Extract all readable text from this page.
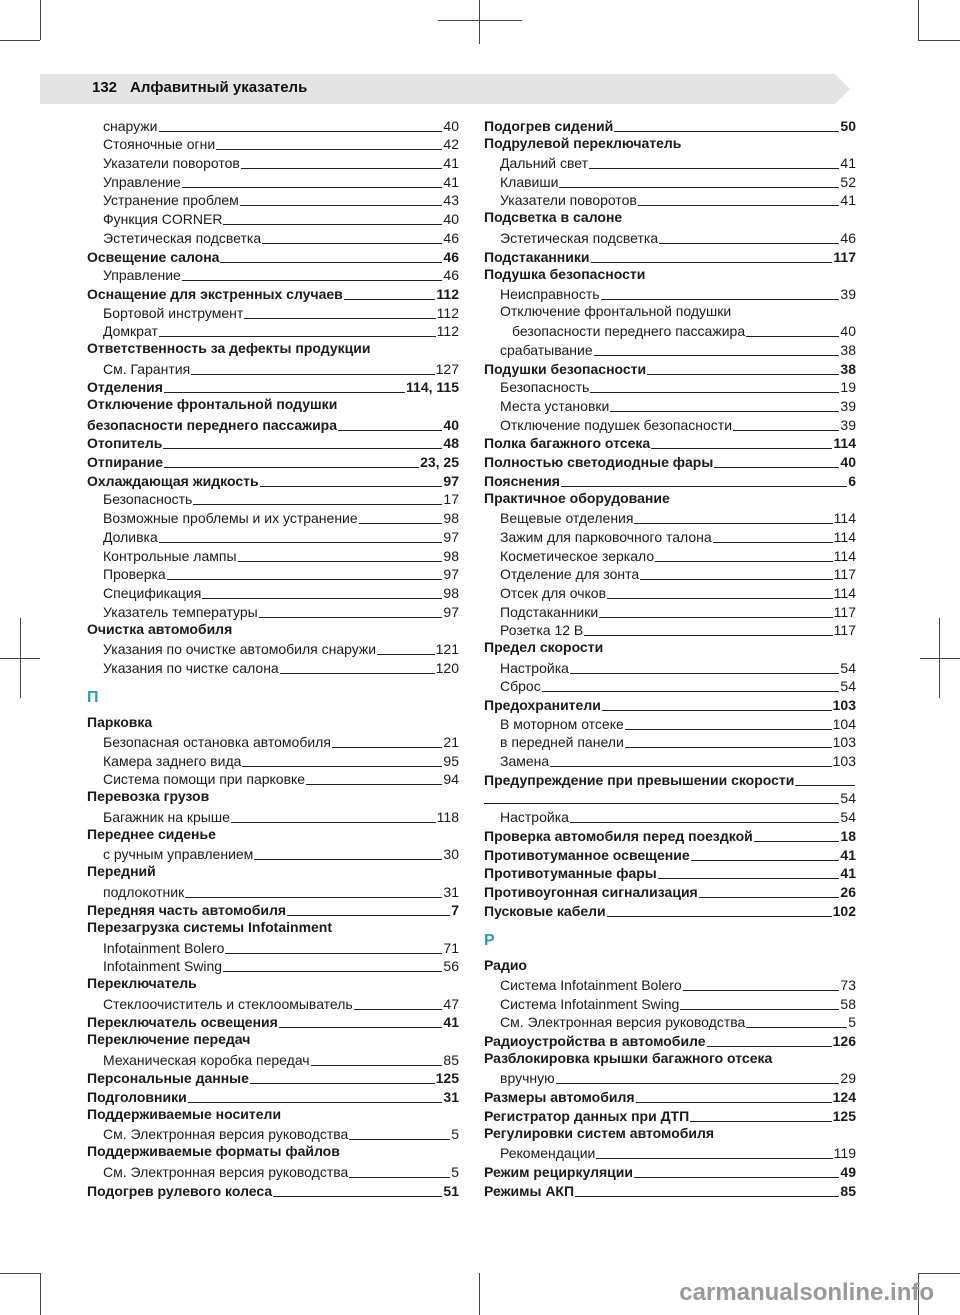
132 Алфавитный указатель
снаружи	40
Стояночные огни	42
Указатели поворотов	41
Управление	41
Устранение проблем	43
Функция CORNER	40
Эстетическая подсветка	46
Освещение салона	46
Управление	46
Оснащение для экстренных случаев	112
Бортовой инструмент	112
Домкрат	112
Ответственность за дефекты продукции
См. Гарантия	127
Отделения	114, 115
Отключение фронтальной подушки
безопасности переднего пассажира	40
Отопитель	48
Отпирание	23, 25
Охлаждающая жидкость	97
Безопасность	17
Возможные проблемы и их устранение	98
Доливка	97
Контрольные лампы	98
Проверка	97
Спецификация	98
Указатель температуры	97
Очистка автомобиля
Указания по очистке автомобиля снаружи	121
Указания по чистке салона	120
П
Парковка
Безопасная остановка автомобиля	21
Камера заднего вида	95
Система помощи при парковке	94
Перевозка грузов
Багажник на крыше	118
Переднее сиденье
с ручным управлением	30
Передний
подлокотник	31
Передняя часть автомобиля	7
Перезагрузка системы Infotainment
Infotainment Bolero	71
Infotainment Swing	56
Переключатель
Стеклоочиститель и стеклоомыватель	47
Переключатель освещения	41
Переключение передач
Механическая коробка передач	85
Персональные данные	125
Подголовники	31
Поддерживаемые носители
См. Электронная версия руководства	5
Поддерживаемые форматы файлов
См. Электронная версия руководства	5
Подогрев рулевого колеса	51
Подогрев сидений	50
Подрулевой переключатель
Дальний свет	41
Клавиши	52
Указатели поворотов	41
Подсветка в салоне
Эстетическая подсветка	46
Подстаканники	117
Подушка безопасности
Неисправность	39
Отключение фронтальной подушки
безопасности переднего пассажира	40
срабатывание	38
Подушки безопасности	38
Безопасность	19
Места установки	39
Отключение подушек безопасности	39
Полка багажного отсека	114
Полностью светодиодные фары	40
Пояснения	6
Практичное оборудование
Вещевые отделения	114
Зажим для парковочного талона	114
Косметическое зеркало	114
Отделение для зонта	117
Отсек для очков	114
Подстаканники	117
Розетка 12 В	117
Предел скорости
Настройка	54
Сброс	54
Предохранители	103
В моторном отсеке	104
в передней панели	103
Замена	103
Предупреждение при превышении скорости
54
Настройка	54
Проверка автомобиля перед поездкой	18
Противотуманное освещение	41
Противотуманные фары	41
Противоугонная сигнализация	26
Пусковые кабели	102
Р
Радио
Система Infotainment Bolero	73
Система Infotainment Swing	58
См. Электронная версия руководства	5
Радиоустройства в автомобиле	126
Разблокировка крышки багажного отсека
вручную	29
Размеры автомобиля	124
Регистратор данных при ДТП	125
Регулировки систем автомобиля
Рекомендации	119
Режим рециркуляции	49
Режимы АКП	85
carmanualsonline.info
